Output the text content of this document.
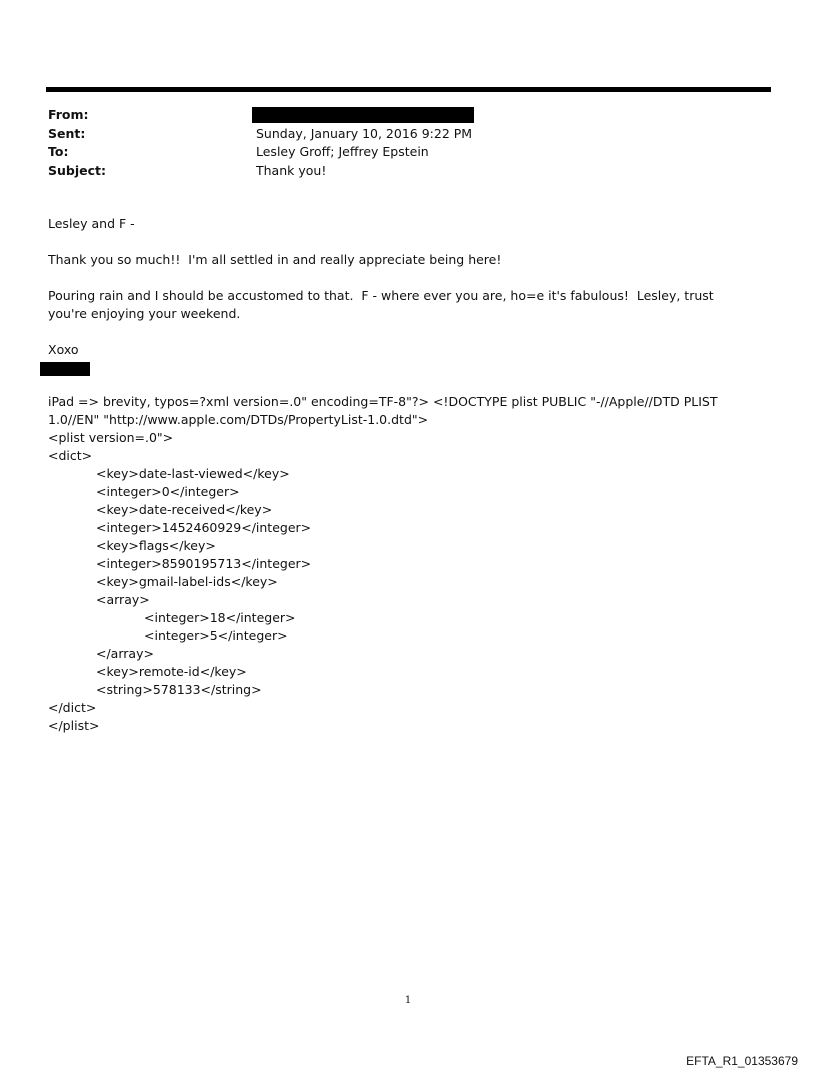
From:
Sent:	Sunday, January 10, 2016 9:22 PM
To:	Lesley Groff; Jeffrey Epstein
Subject:	Thank you!

Lesley and F -

Thank you so much!!  I'm all settled in and really appreciate being here!

Pouring rain and I should be accustomed to that.  F - where ever you are, ho=e it's fabulous!  Lesley, trust you're enjoying your weekend.

Xoxo

iPad => brevity, typos=?xml version=.0" encoding=TF-8"?> <!DOCTYPE plist PUBLIC "-//Apple//DTD PLIST 1.0//EN" "http://www.apple.com/DTDs/PropertyList-1.0.dtd">

<plist version=.0">

<dict>

<key>date-last-viewed</key>

<integer>0</integer>

<key>date-received</key>

<integer>1452460929</integer>

<key>flags</key>

<integer>8590195713</integer>

<key>gmail-label-ids</key>

<array>

<integer>18</integer>

<integer>5</integer>

</array>

<key>remote-id</key>

<string>578133</string>

</dict>

</plist>

1
EFTA_R1_01353679
